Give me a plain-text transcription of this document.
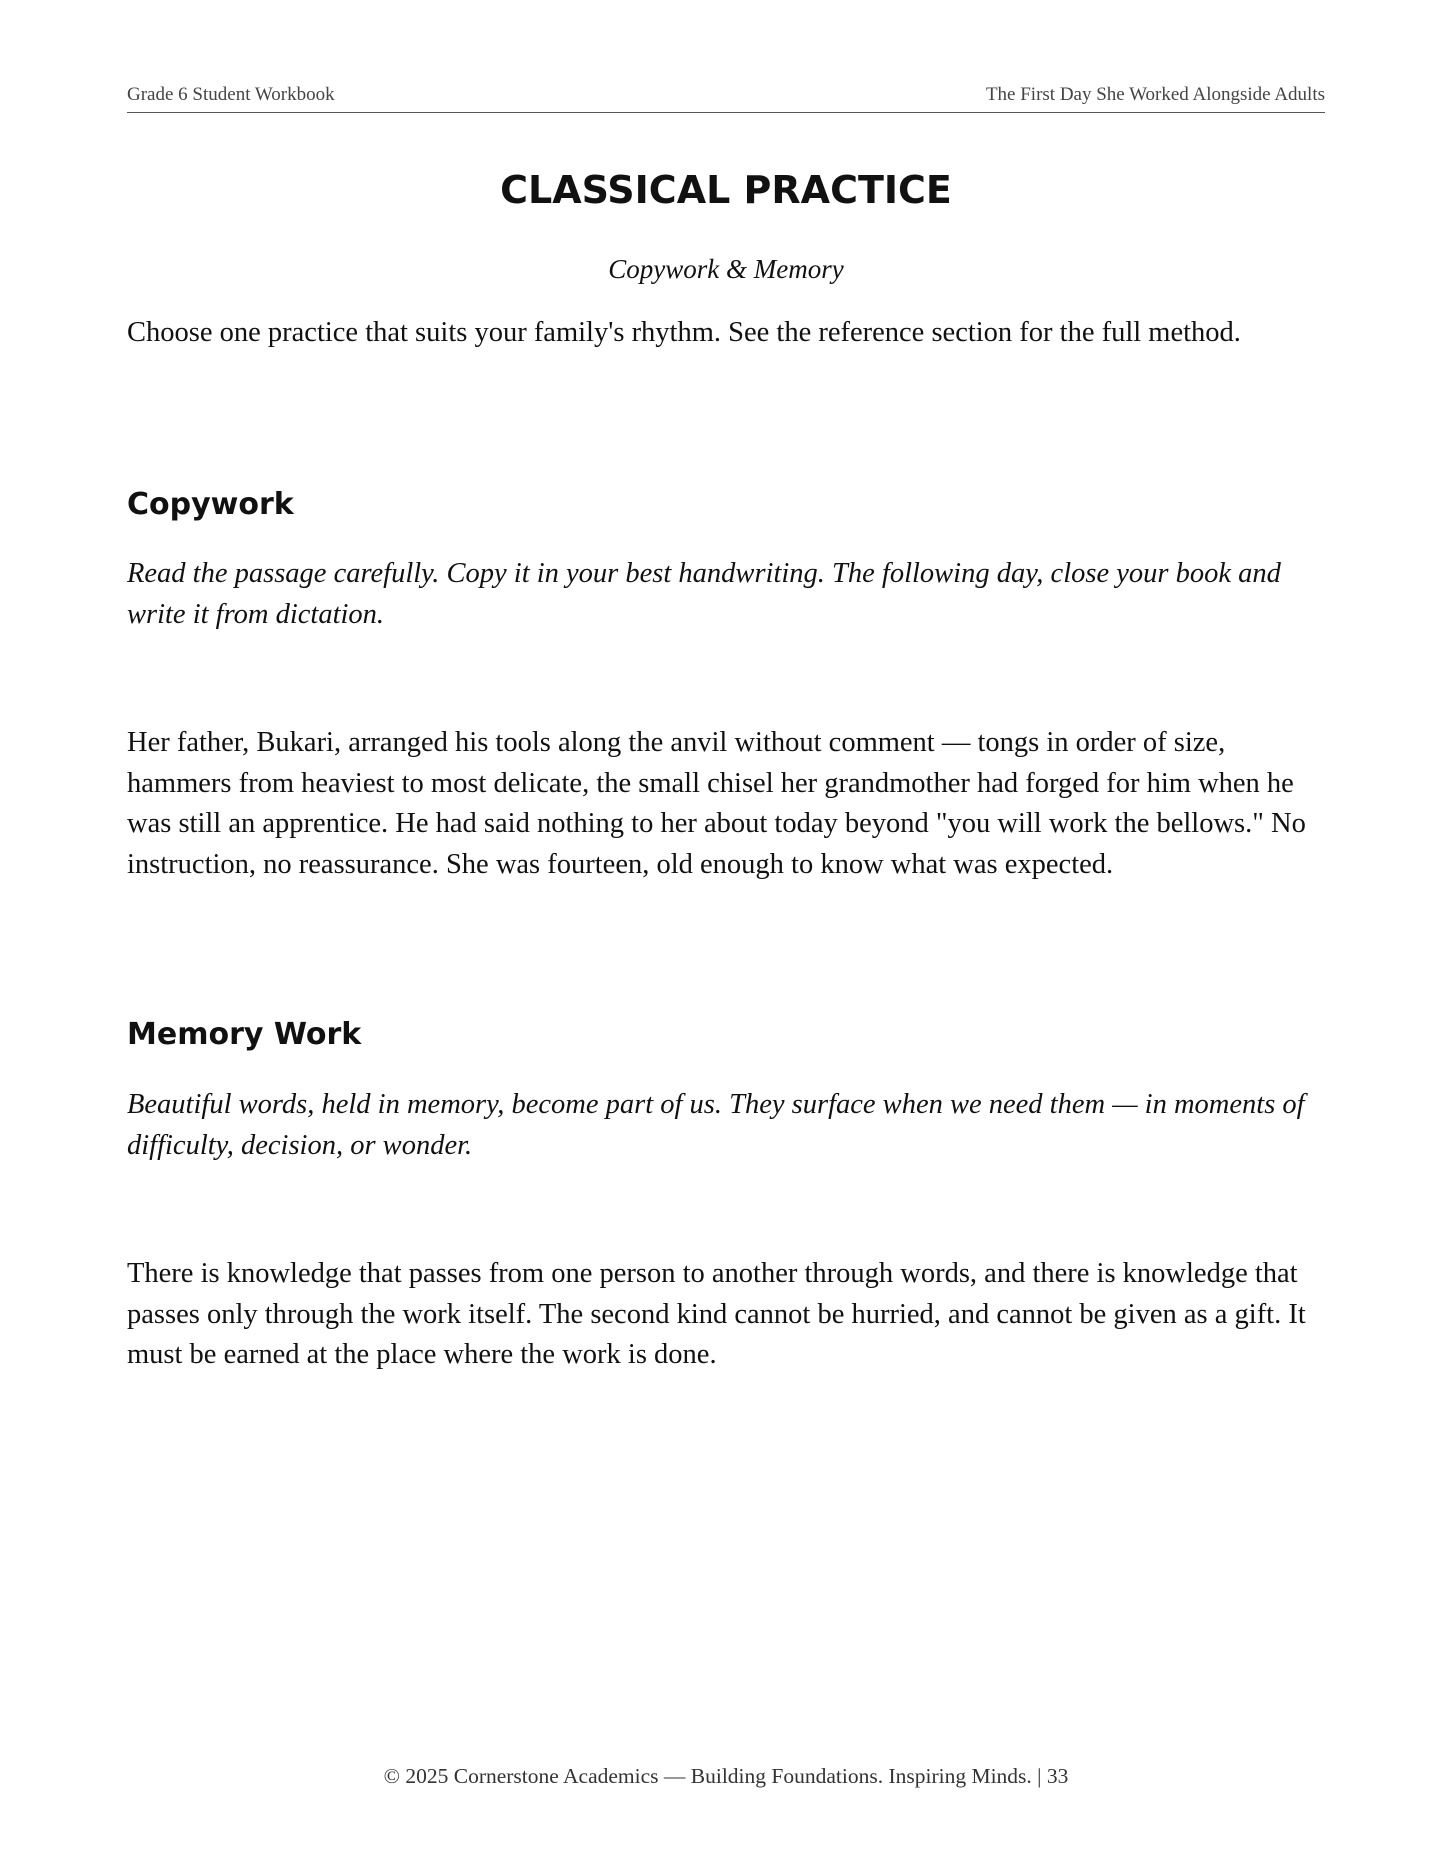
Grade 6 Student Workbook	The First Day She Worked Alongside Adults
CLASSICAL PRACTICE

Copywork & Memory

Choose one practice that suits your family's rhythm. See the reference section for the full method.

Copywork

Read the passage carefully. Copy it in your best handwriting. The following day, close your book and write it from dictation.

Her father, Bukari, arranged his tools along the anvil without comment — tongs in order of size, hammers from heaviest to most delicate, the small chisel her grandmother had forged for him when he was still an apprentice. He had said nothing to her about today beyond "you will work the bellows." No instruction, no reassurance. She was fourteen, old enough to know what was expected.

Memory Work

Beautiful words, held in memory, become part of us. They surface when we need them — in moments of difficulty, decision, or wonder.

There is knowledge that passes from one person to another through words, and there is knowledge that passes only through the work itself. The second kind cannot be hurried, and cannot be given as a gift. It must be earned at the place where the work is done.

© 2025 Cornerstone Academics — Building Foundations. Inspiring Minds. | 33
